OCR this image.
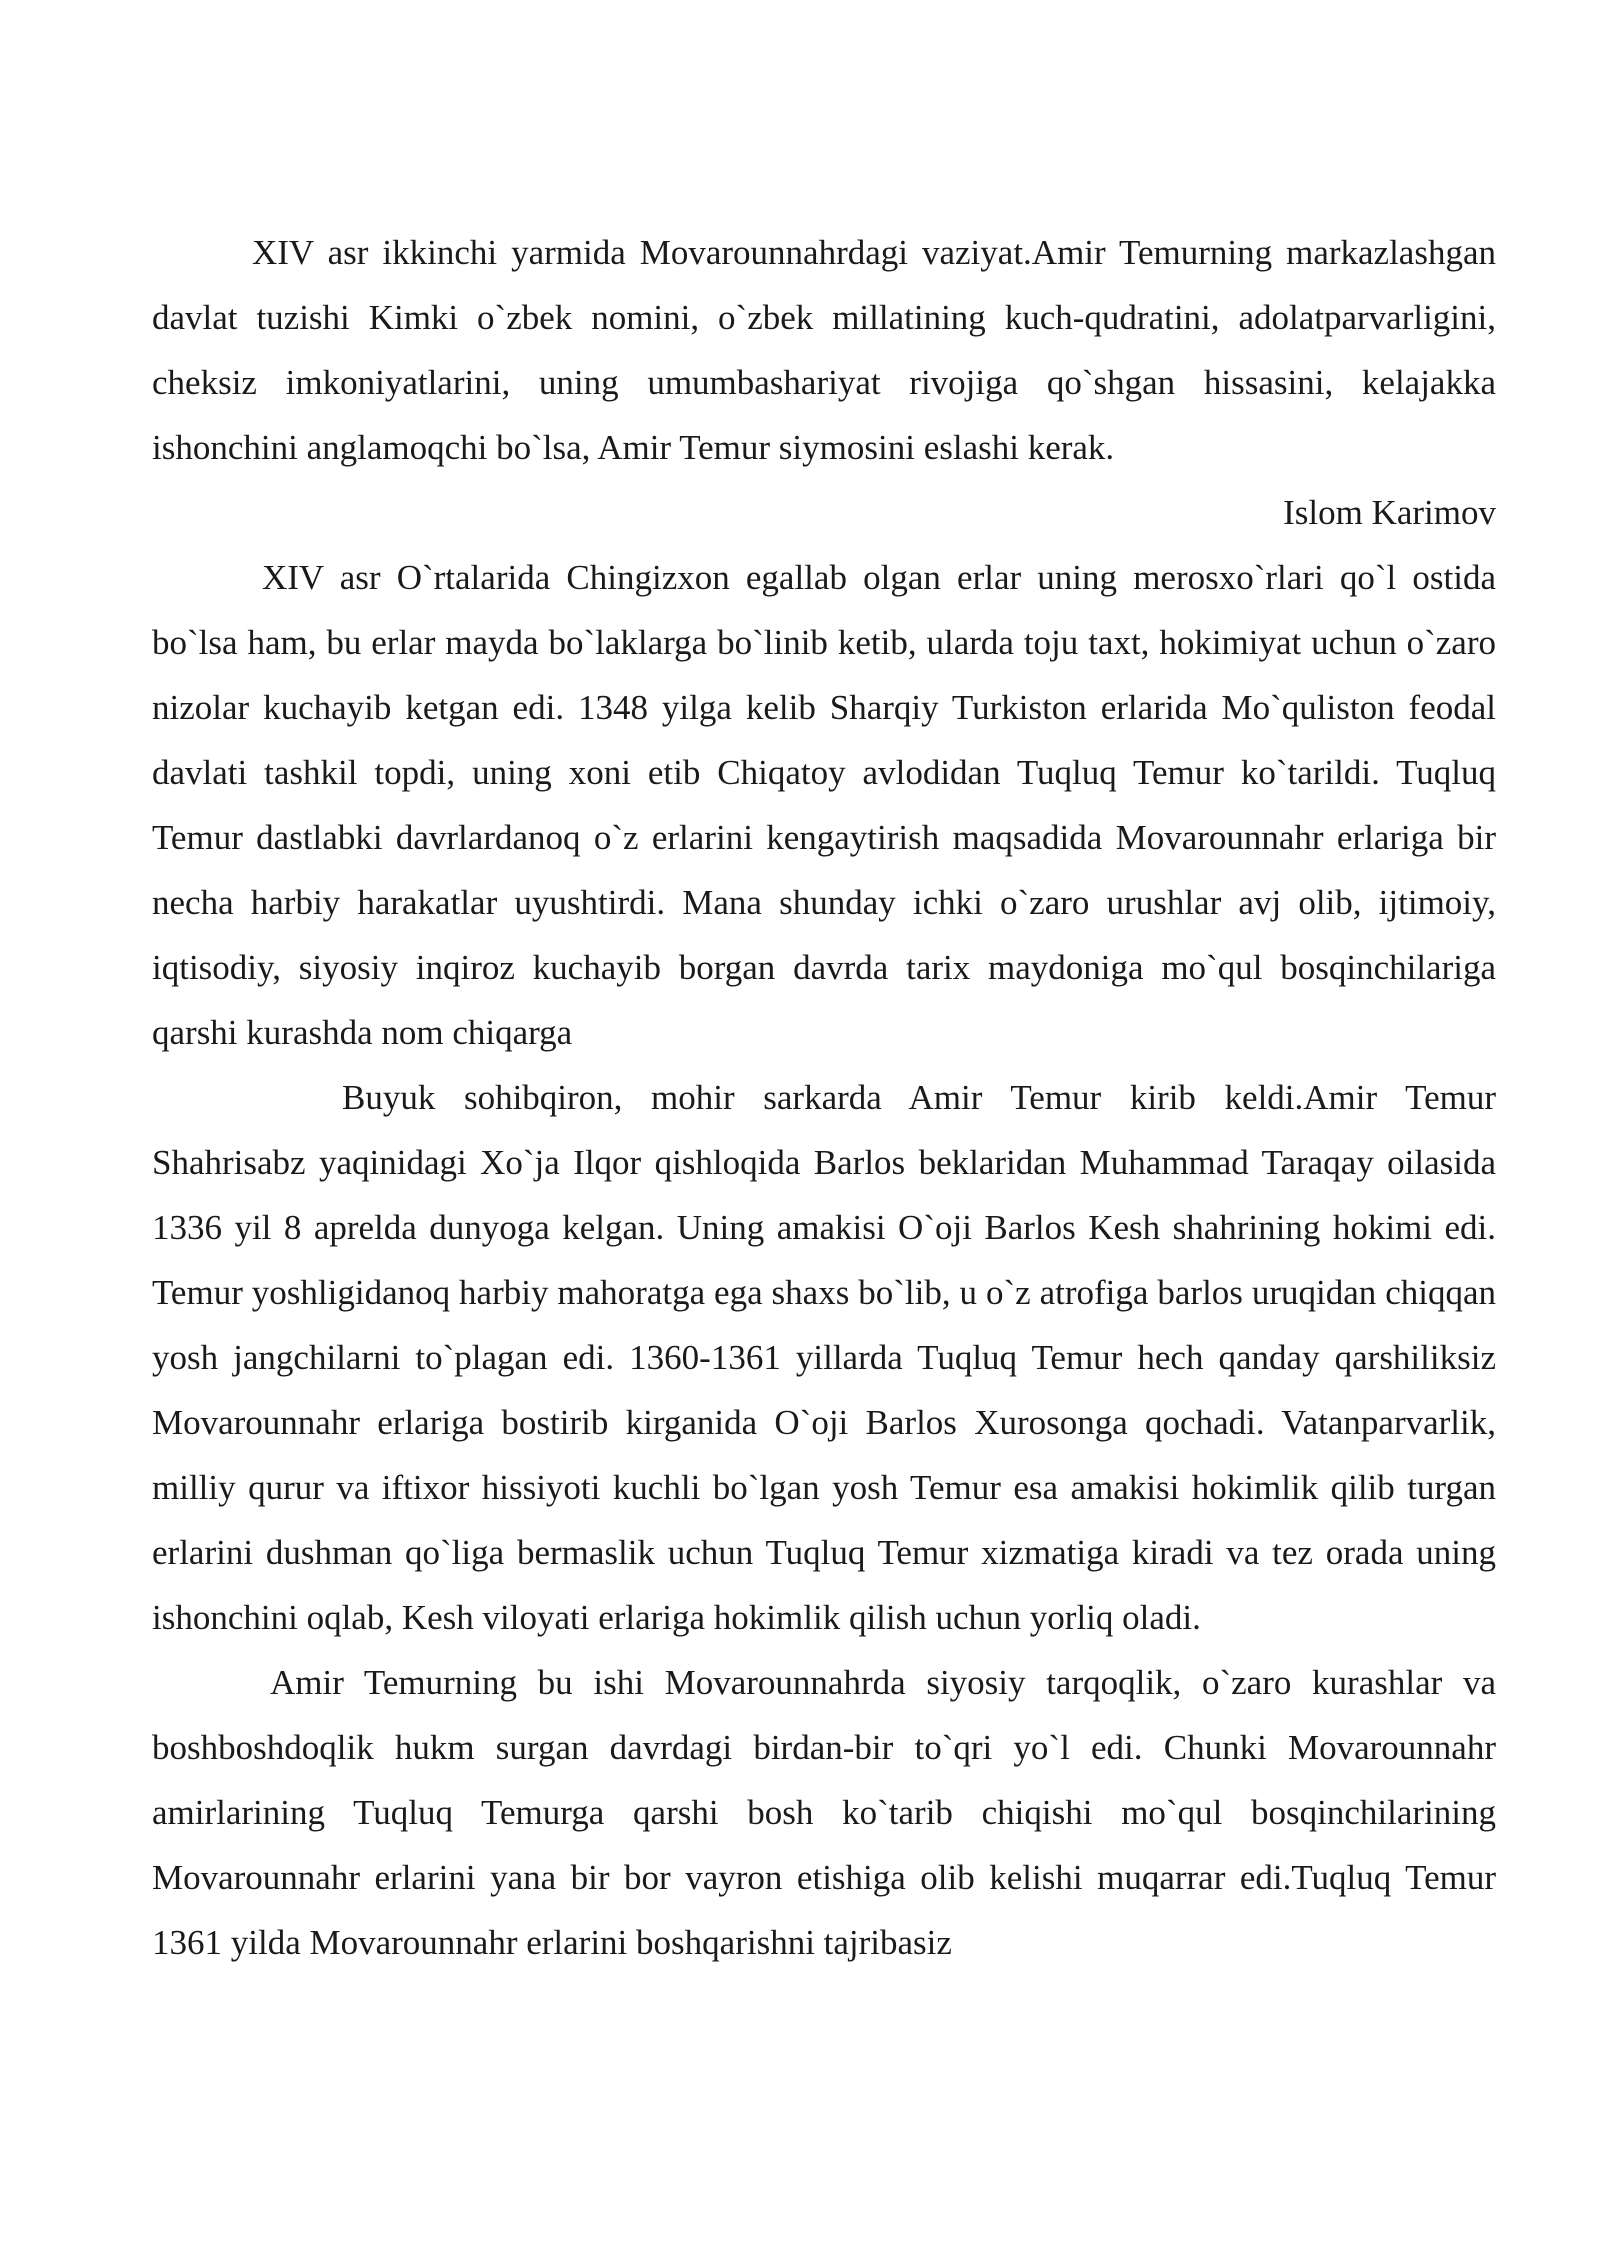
XIV asr ikkinchi yarmida Movarounnahrdagi vaziyat.Amir Temurning markazlashgan davlat tuzishi Kimki o`zbek nomini, o`zbek millatining kuch-qudratini, adolatparvarligini, cheksiz imkoniyatlarini, uning umumbashariyat rivojiga qo`shgan hissasini, kelajakka ishonchini anglamoqchi bo`lsa, Amir Temur siymosini eslashi kerak.

Islom Karimov

XIV asr O`rtalarida Chingizxon egallab olgan erlar uning merosxo`rlari qo`l ostida bo`lsa ham, bu erlar mayda bo`laklarga bo`linib ketib, ularda toju taxt, hokimiyat uchun o`zaro nizolar kuchayib ketgan edi. 1348 yilga kelib Sharqiy Turkiston erlarida Mo`quliston feodal davlati tashkil topdi, uning xoni etib Chiqatoy avlodidan Tuqluq Temur ko`tarildi. Tuqluq Temur dastlabki davrlardanoq o`z erlarini kengaytirish maqsadida Movarounnahr erlariga bir necha harbiy harakatlar uyushtirdi. Mana shunday ichki o`zaro urushlar avj olib, ijtimoiy, iqtisodiy, siyosiy inqiroz kuchayib borgan davrda tarix maydoniga mo`qul bosqinchilariga qarshi kurashda nom chiqarga

Buyuk sohibqiron, mohir sarkarda Amir Temur kirib keldi.Amir Temur Shahrisabz yaqinidagi Xo`ja Ilqor qishloqida Barlos beklaridan Muhammad Taraqay oilasida 1336 yil 8 aprelda dunyoga kelgan. Uning amakisi O`oji Barlos Kesh shahrining hokimi edi. Temur yoshligidanoq harbiy mahoratga ega shaxs bo`lib, u o`z atrofiga barlos uruqidan chiqqan yosh jangchilarni to`plagan edi. 1360-1361 yillarda Tuqluq Temur hech qanday qarshiliksiz Movarounnahr erlariga bostirib kirganida O`oji Barlos Xurosonga qochadi. Vatanparvarlik, milliy qurur va iftixor hissiyoti kuchli bo`lgan yosh Temur esa amakisi hokimlik qilib turgan erlarini dushman qo`liga bermaslik uchun Tuqluq Temur xizmatiga kiradi va tez orada uning ishonchini oqlab, Kesh viloyati erlariga hokimlik qilish uchun yorliq oladi.

Amir Temurning bu ishi Movarounnahrda siyosiy tarqoqlik, o`zaro kurashlar va boshboshdoqlik hukm surgan davrdagi birdan-bir to`qri yo`l edi. Chunki Movarounnahr amirlarining Tuqluq Temurga qarshi bosh ko`tarib chiqishi mo`qul bosqinchilarining Movarounnahr erlarini yana bir bor vayron etishiga olib kelishi muqarrar edi.Tuqluq Temur 1361 yilda Movarounnahr erlarini boshqarishni tajribasiz
